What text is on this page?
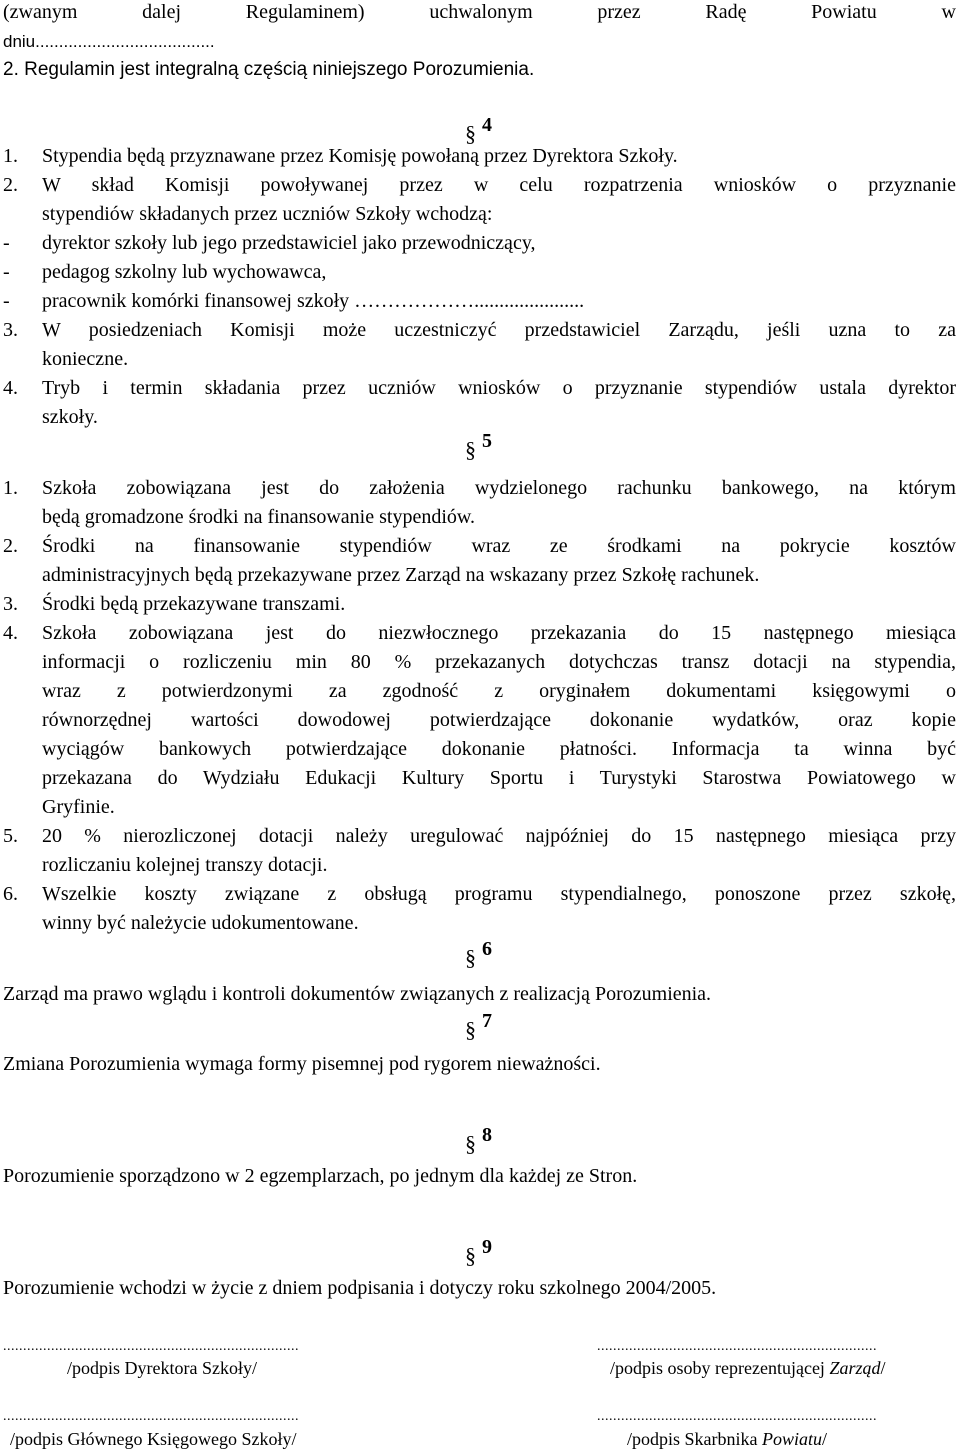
(zwanym	dalej	Regulaminem)	uchwalonym	przez	Radę	Powiatu	w
dniu......................................
2. Regulamin jest integralną częścią niniejszego Porozumienia.
§ 4
1. Stypendia będą przyznawane przez Komisję powołaną przez Dyrektora Szkoły.
2. W skład Komisji powoływanej przez w celu rozpatrzenia wniosków o przyznanie
stypendiów składanych przez uczniów Szkoły wchodzą:
- dyrektor szkoły lub jego przedstawiciel jako przewodniczący,
- pedagog szkolny lub wychowawca,
- pracownik komórki finansowej szkoły ………………......................
3. W posiedzeniach Komisji może uczestniczyć przedstawiciel Zarządu, jeśli uzna to za
konieczne.
4. Tryb i termin składania przez uczniów wniosków o przyznanie stypendiów ustala dyrektor
szkoły.
§ 5
1. Szkoła zobowiązana jest do założenia wydzielonego rachunku bankowego, na którym
będą gromadzone środki na finansowanie stypendiów.
2. Środki na finansowanie stypendiów wraz ze środkami na pokrycie kosztów
administracyjnych będą przekazywane przez Zarząd na wskazany przez Szkołę rachunek.
3. Środki będą przekazywane transzami.
4. Szkoła zobowiązana jest do niezwłocznego przekazania do 15 następnego miesiąca
informacji o rozliczeniu min 80 % przekazanych dotychczas transz dotacji na stypendia,
wraz z potwierdzonymi za zgodność z oryginałem dokumentami księgowymi o
równorzędnej wartości dowodowej potwierdzające dokonanie wydatków, oraz kopie
wyciągów bankowych potwierdzające dokonanie płatności. Informacja ta winna być
przekazana do Wydziału Edukacji Kultury Sportu i Turystyki Starostwa Powiatowego w
Gryfinie.
5. 20 % nierozliczonej dotacji należy uregulować najpóźniej do 15 następnego miesiąca przy
rozliczaniu kolejnej transzy dotacji.
6. Wszelkie koszty związane z obsługą programu stypendialnego, ponoszone przez szkołę,
winny być należycie udokumentowane.
§ 6
Zarząd ma prawo wglądu i kontroli dokumentów związanych z realizacją Porozumienia.
§ 7
Zmiana Porozumienia wymaga formy pisemnej pod rygorem nieważności.
§ 8
Porozumienie sporządzono w 2 egzemplarzach, po jednym dla każdej ze Stron.
§ 9
Porozumienie wchodzi w życie z dniem podpisania i dotyczy roku szkolnego 2004/2005.
..........................................................................	......................................................................
/podpis Dyrektora Szkoły/	/podpis osoby reprezentującej Zarząd/
..........................................................................	......................................................................
/podpis Głównego Księgowego Szkoły/	/podpis Skarbnika Powiatu/
